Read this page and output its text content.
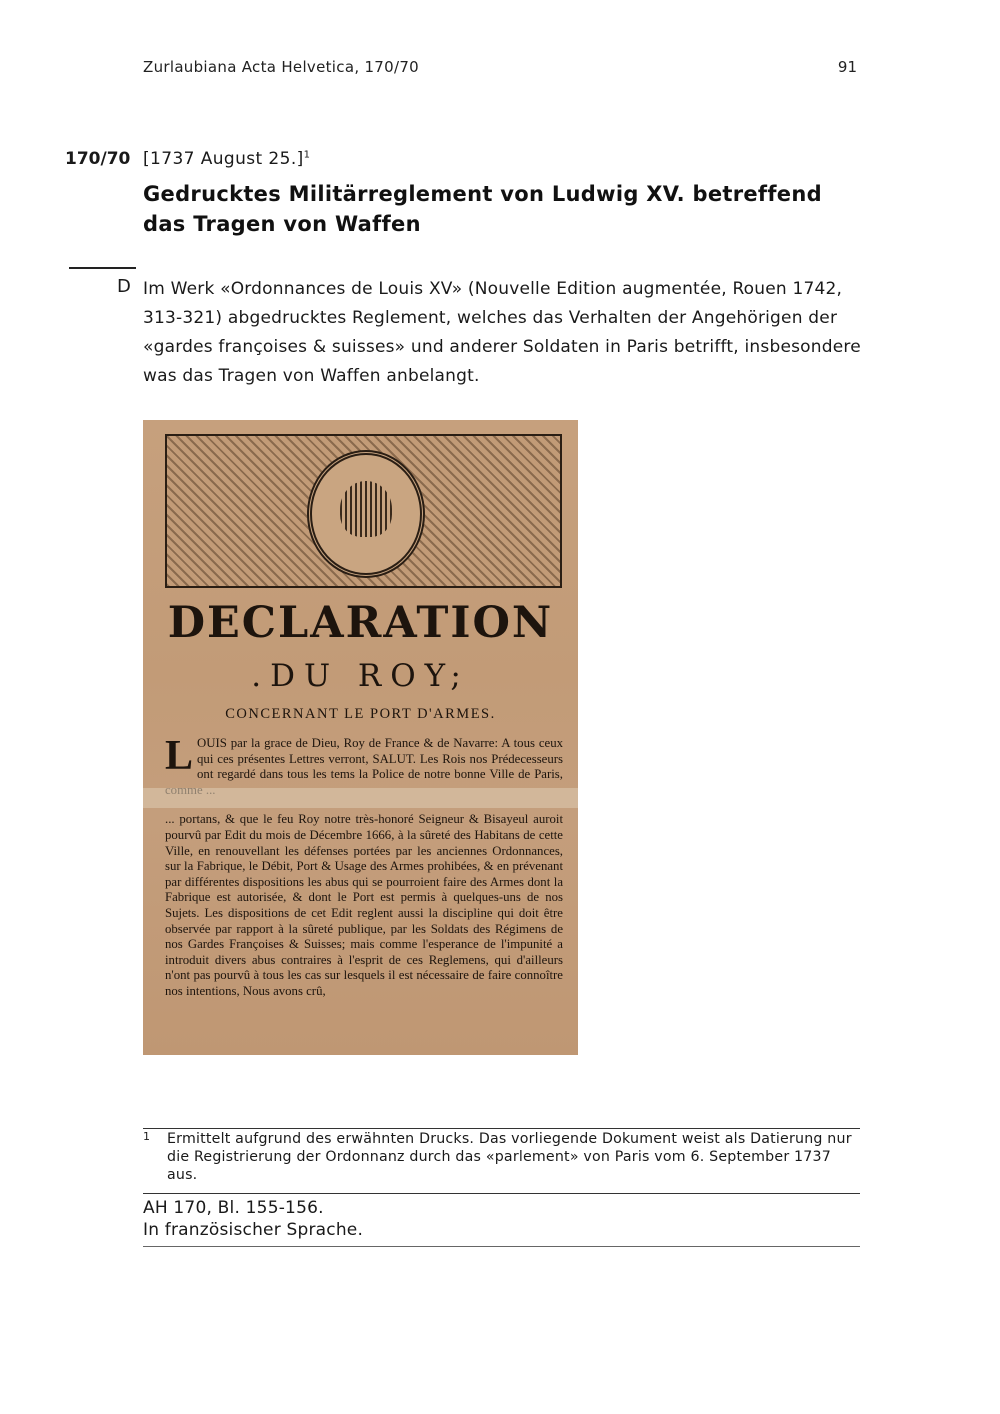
Zurlaubiana Acta Helvetica, 170/70	91
170/70 [1737 August 25.]$^1$
Gedrucktes Militärreglement von Ludwig XV. betreffend das Tragen von Waffen
D Im Werk «Ordonnances de Louis XV» (Nouvelle Edition augmentée, Rouen 1742, 313-321) abgedrucktes Reglement, welches das Verhalten der Angehörigen der «gardes françoises & suisses» und anderer Soldaten in Paris betrifft, insbesondere was das Tragen von Waffen anbelangt.
DECLARATION
.DU ROY;
CONCERNANT LE PORT D'ARMES.
L OUIS par la grace de Dieu, Roy de France & de Navarre: A tous ceux qui ces présentes Lettres verront, SALUT. Les Rois nos Prédecesseurs ont regardé dans tous les tems la Police de notre bonne Ville de Paris,
... portans, & que le feu Roy notre très-honoré Seigneur & Bisayeul auroit pourvû par Edit du mois de Décembre 1666, à la sûreté des Habitans de cette Ville, en renouvellant les défenses portées par les anciennes Ordonnances, sur la Fabrique, le Débit, Port & Usage des Armes prohibées, & en prévenant par différentes dispositions les abus qui se pourroient faire des Armes dont la Fabrique est autorisée, & dont le Port est permis à quelques-uns de nos Sujets. Les dispositions de cet Edit reglent aussi la discipline qui doit être observée par rapport à la sûreté publique, par les Soldats des Régimens de nos Gardes Françoises & Suisses; mais comme l'esperance de l'impunité a introduit divers abus contraires à l'esprit de ces Reglemens, qui d'ailleurs n'ont pas pourvû à tous les cas sur lesquels il est nécessaire de faire connoître nos intentions, Nous avons crû,
1 Ermittelt aufgrund des erwähnten Drucks. Das vorliegende Dokument weist als Datierung nur die Registrierung der Ordonnanz durch das «parlement» von Paris vom 6. September 1737 aus.
AH 170, Bl. 155-156.
In französischer Sprache.
